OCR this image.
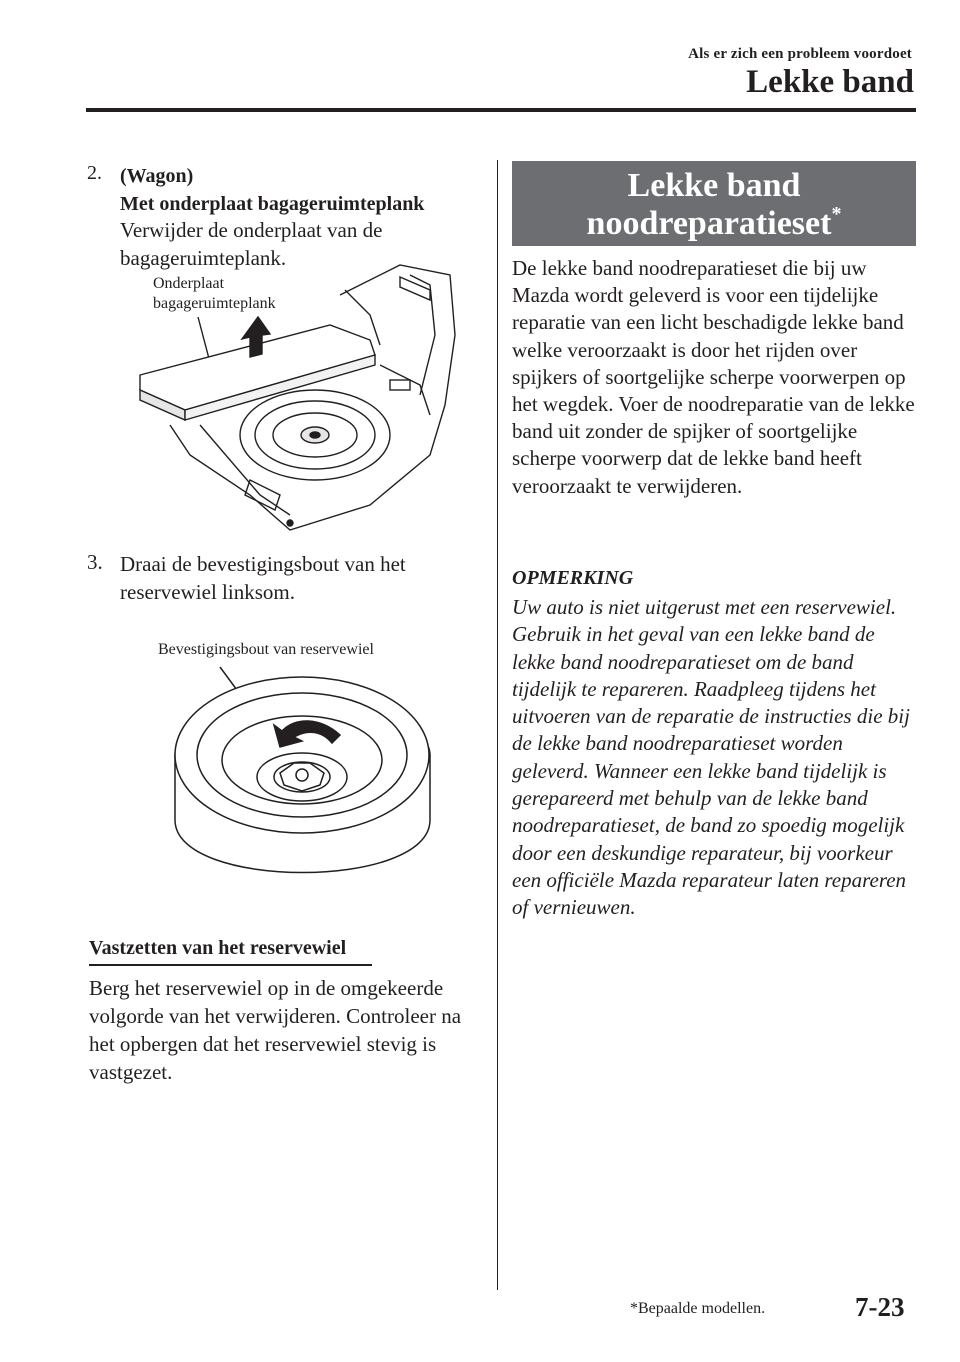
Als er zich een probleem voordoet
Lekke band
2. (Wagon)
Met onderplaat bagageruimteplank
Verwijder de onderplaat van de bagageruimteplank.
Onderplaat
bagageruimteplank
3. Draai de bevestigingsbout van het reservewiel linksom.
Bevestigingsbout van reservewiel
Vastzetten van het reservewiel
Berg het reservewiel op in de omgekeerde volgorde van het verwijderen. Controleer na het opbergen dat het reservewiel stevig is vastgezet.
Lekke band
noodreparatieset*
De lekke band noodreparatieset die bij uw Mazda wordt geleverd is voor een tijdelijke reparatie van een licht beschadigde lekke band welke veroorzaakt is door het rijden over spijkers of soortgelijke scherpe voorwerpen op het wegdek. Voer de noodreparatie van de lekke band uit zonder de spijker of soortgelijke scherpe voorwerp dat de lekke band heeft veroorzaakt te verwijderen.
OPMERKING
Uw auto is niet uitgerust met een reservewiel. Gebruik in het geval van een lekke band de lekke band noodreparatieset om de band tijdelijk te repareren. Raadpleeg tijdens het uitvoeren van de reparatie de instructies die bij de lekke band noodreparatieset worden geleverd. Wanneer een lekke band tijdelijk is gerepareerd met behulp van de lekke band noodreparatieset, de band zo spoedig mogelijk door een deskundige reparateur, bij voorkeur een officiële Mazda reparateur laten repareren of vernieuwen.
*Bepaalde modellen.	7-23
